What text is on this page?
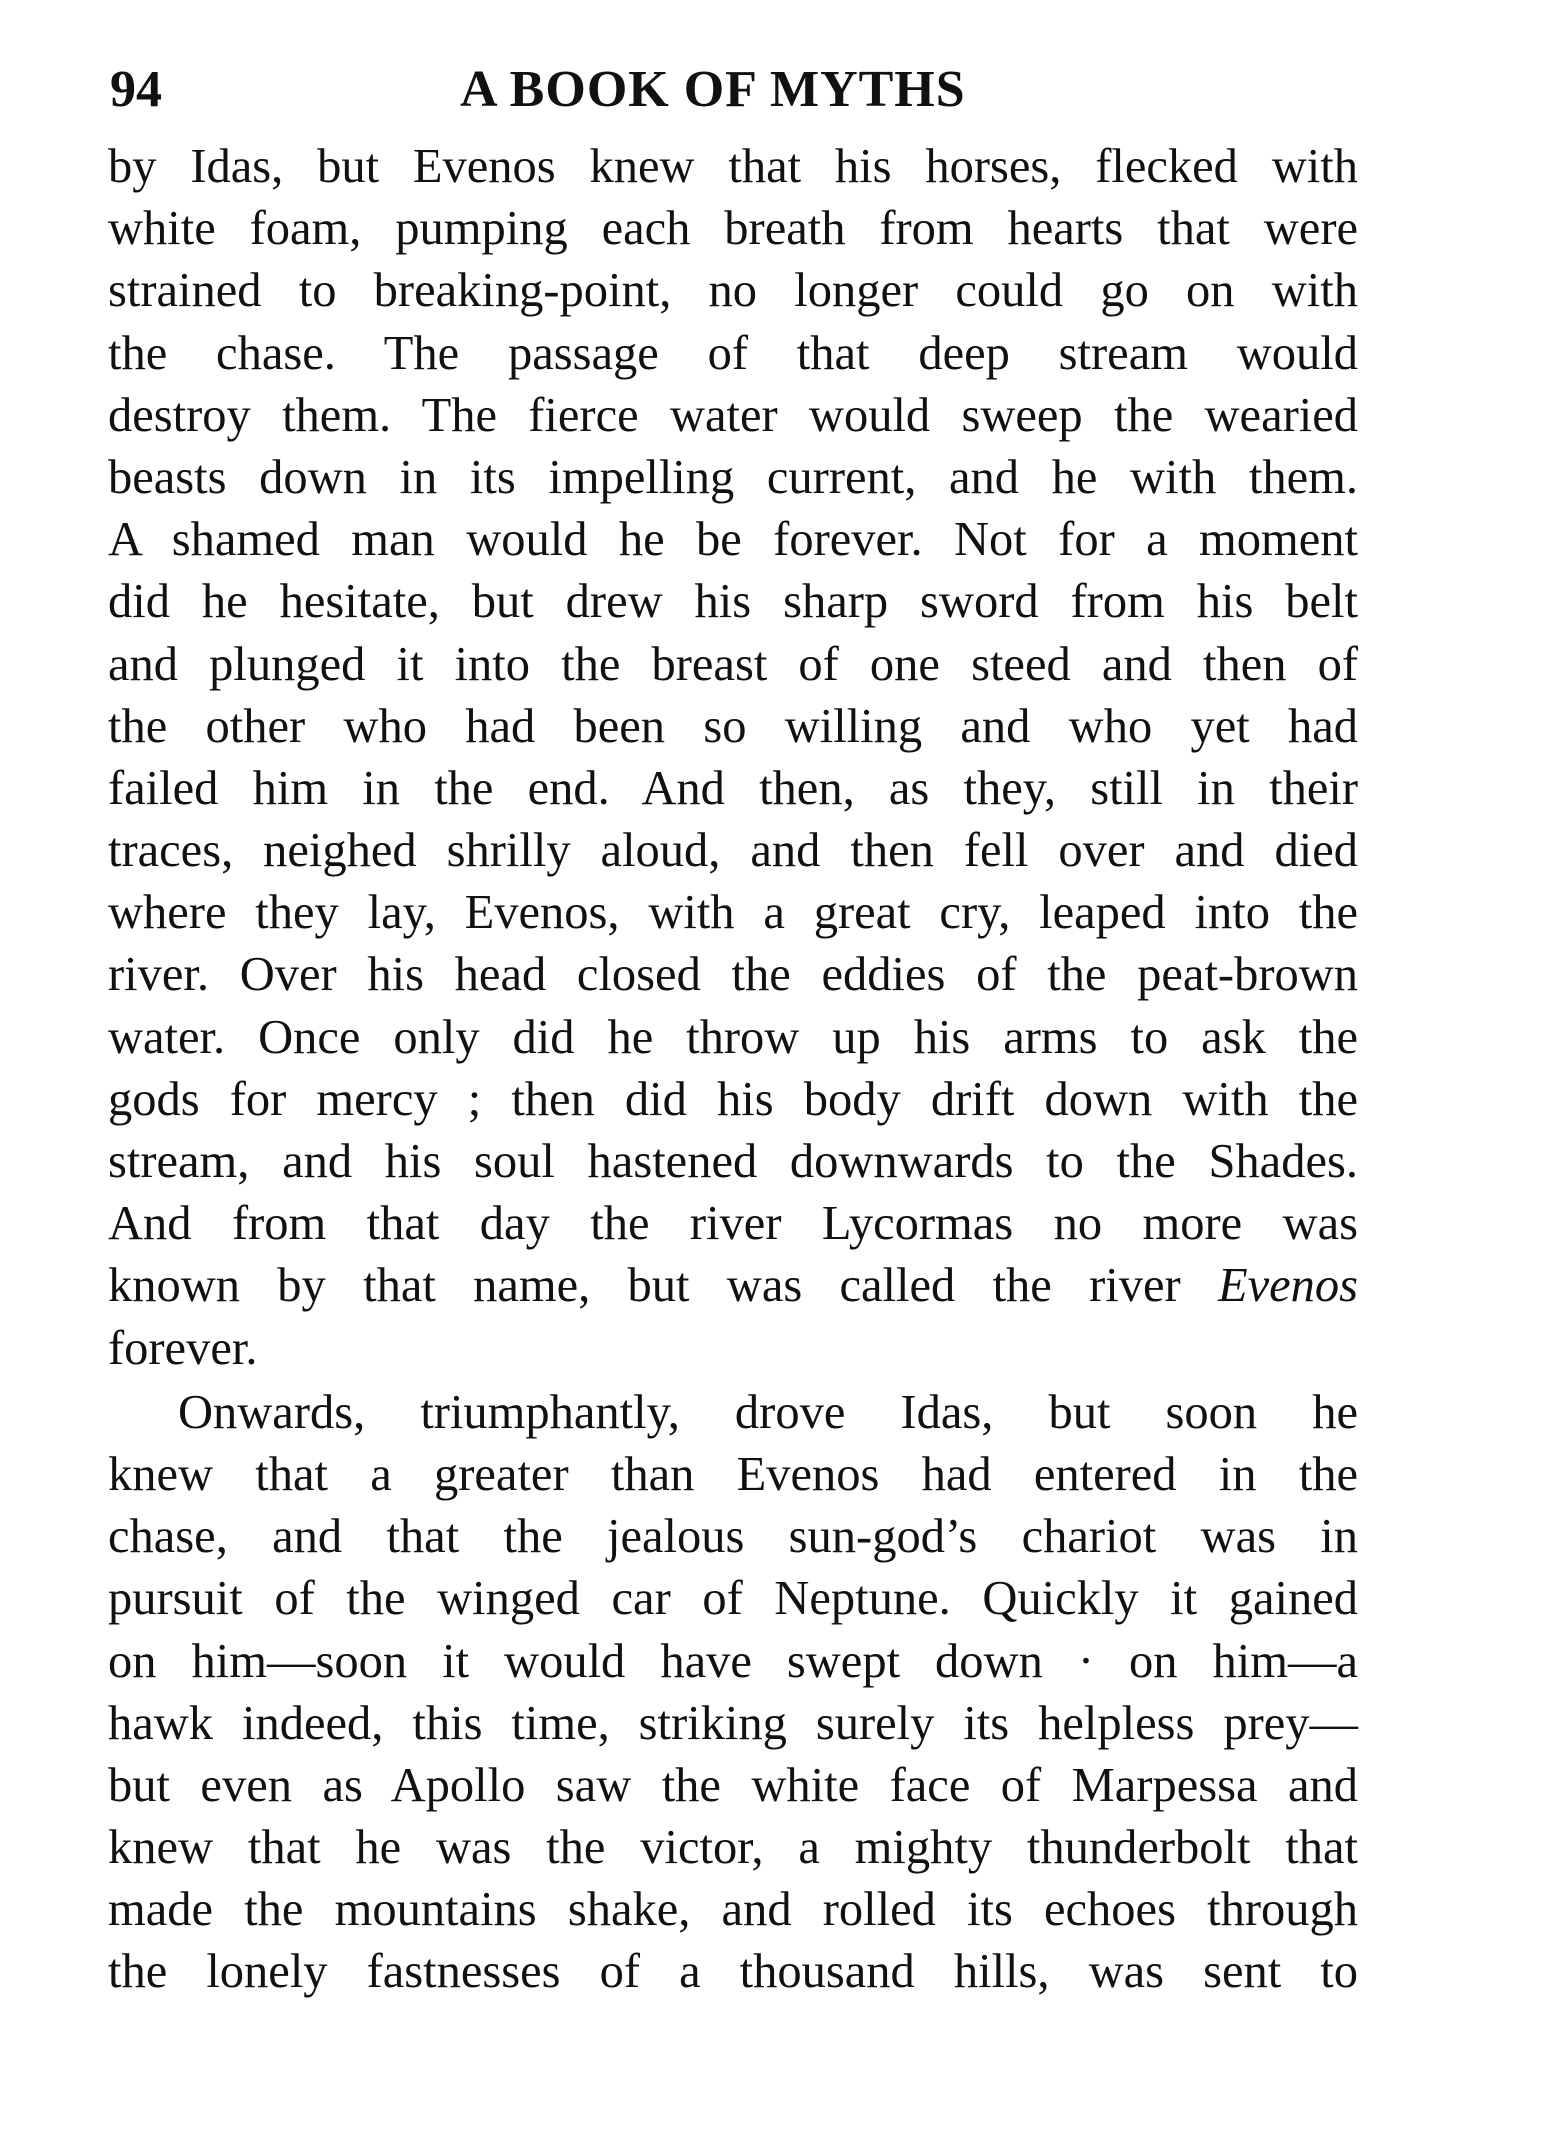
94	A BOOK OF MYTHS
by Idas, but Evenos knew that his horses, flecked with
white foam, pumping each breath from hearts that were
strained to breaking-point, no longer could go on with
the chase. The passage of that deep stream would
destroy them. The fierce water would sweep the wearied
beasts down in its impelling current, and he with them.
A shamed man would he be forever. Not for a moment
did he hesitate, but drew his sharp sword from his belt
and plunged it into the breast of one steed and then of
the other who had been so willing and who yet had
failed him in the end. And then, as they, still in their
traces, neighed shrilly aloud, and then fell over and died
where they lay, Evenos, with a great cry, leaped into the
river. Over his head closed the eddies of the peat-brown
water. Once only did he throw up his arms to ask the
gods for mercy ; then did his body drift down with the
stream, and his soul hastened downwards to the Shades.
And from that day the river Lycormas no more was
known by that name, but was called the river Evenos
forever.
Onwards, triumphantly, drove Idas, but soon he
knew that a greater than Evenos had entered in the
chase, and that the jealous sun-god’s chariot was in
pursuit of the winged car of Neptune. Quickly it gained
on him—soon it would have swept down · on him—a
hawk indeed, this time, striking surely its helpless prey—
but even as Apollo saw the white face of Marpessa and
knew that he was the victor, a mighty thunderbolt that
made the mountains shake, and rolled its echoes through
the lonely fastnesses of a thousand hills, was sent to
